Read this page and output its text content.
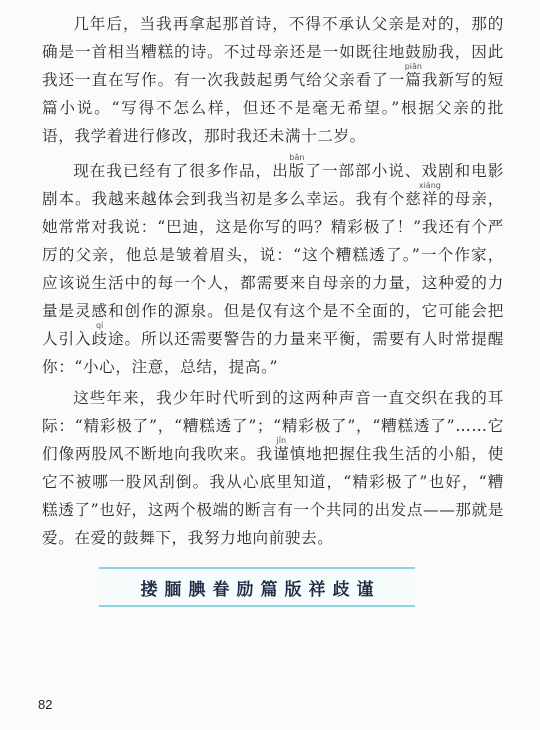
几年后，当我再拿起那首诗，不得不承认父亲是对的，那的确是一首相当糟糕的诗。不过母亲还是一如既往地鼓励我，因此我还一直在写作。有一次我鼓起勇气给父亲看了一篇piān我新写的短篇小说。“写得不怎么样，但还不是毫无希望。”根据父亲的批语，我学着进行修改，那时我还未满十二岁。

现在我已经有了很多作品，出版bǎn了一部部小说、戏剧和电影剧本。我越来越体会到我当初是多么幸运。我有个慈祥xiáng的母亲，她常常对我说：“巴迪，这是你写的吗？精彩极了！”我还有个严厉的父亲，他总是皱着眉头，说：“这个糟糕透了。”一个作家，应该说生活中的每一个人，都需要来自母亲的力量，这种爱的力量是灵感和创作的源泉。但是仅有这个是不全面的，它可能会把人引入歧qí途。所以还需要警告的力量来平衡，需要有人时常提醒你：“小心，注意，总结，提高。”

这些年来，我少年时代听到的这两种声音一直交织在我的耳际：“精彩极了”，“糟糕透了”；“精彩极了”，“糟糕透了”……它们像两股风不断地向我吹来。我谨jǐn慎地把握住我生活的小船，使它不被哪一股风刮倒。我从心底里知道，“精彩极了”也好，“糟糕透了”也好，这两个极端的断言有一个共同的出发点——那就是爱。在爱的鼓舞下，我努力地向前驶去。

搂 腼 腆 眷 励 篇 版 祥 歧 谨
82
